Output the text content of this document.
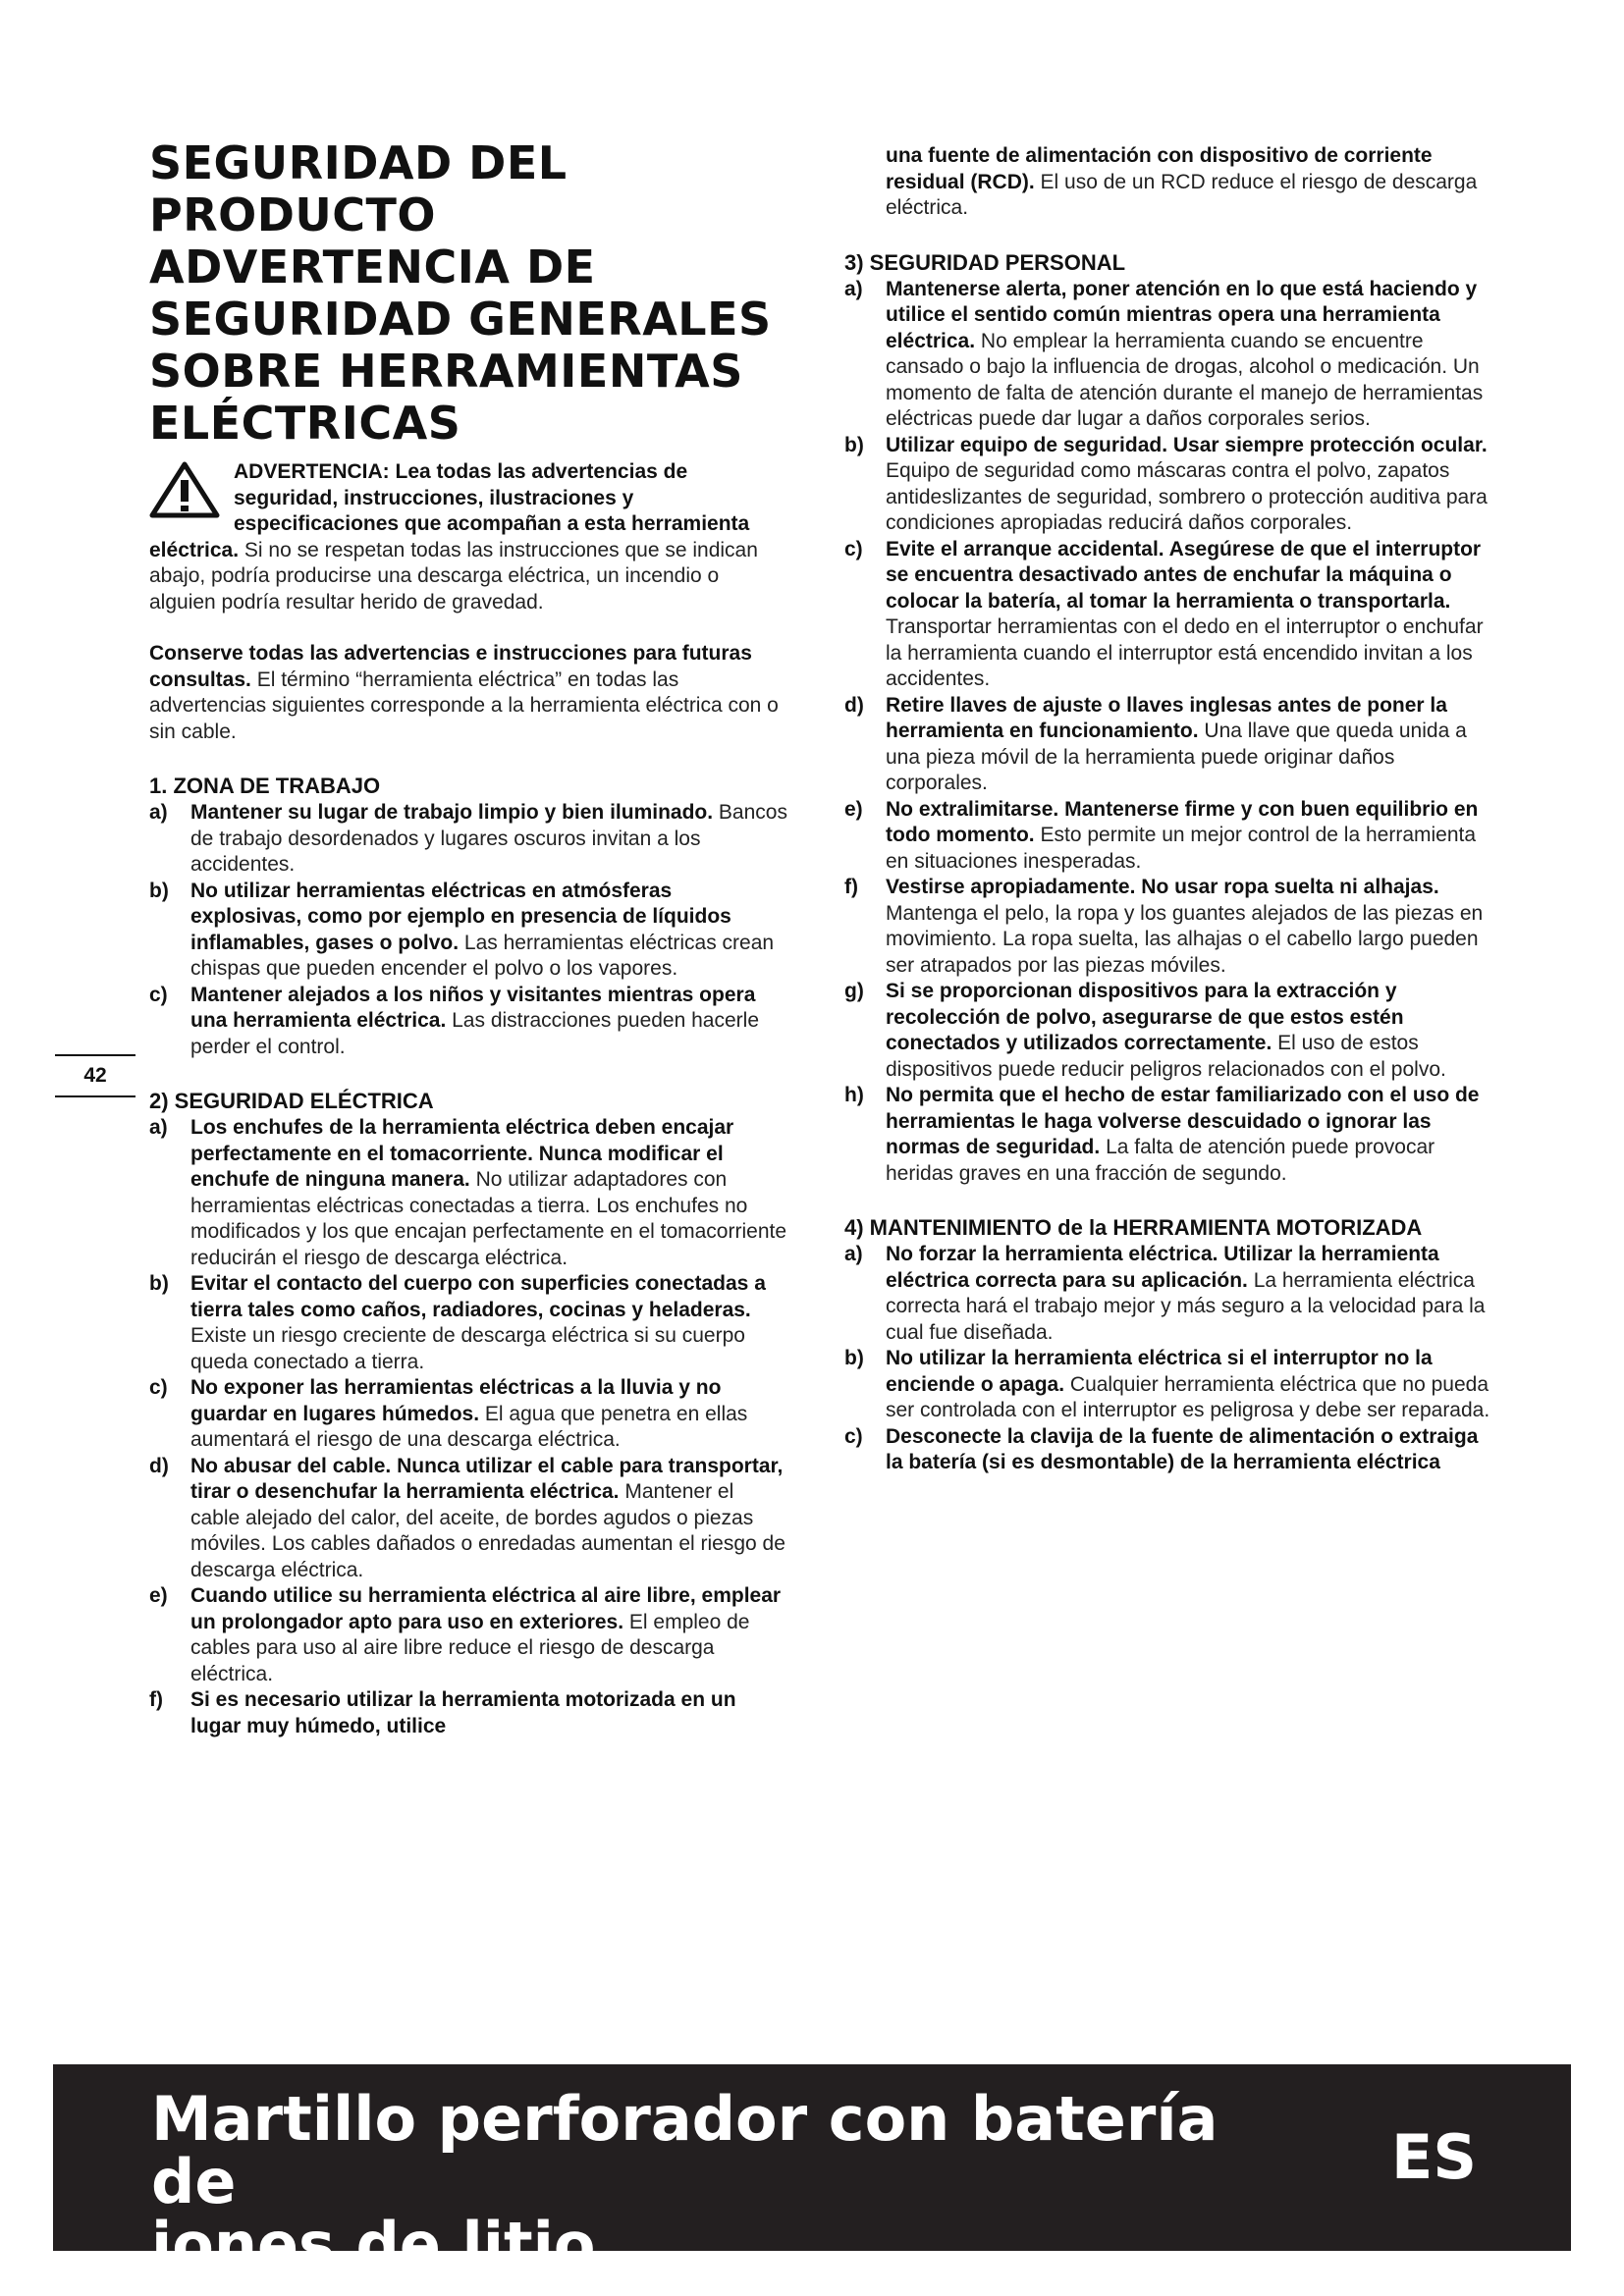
SEGURIDAD DEL PRODUCTO
ADVERTENCIA DE
SEGURIDAD GENERALES
SOBRE HERRAMIENTAS
ELÉCTRICAS

ADVERTENCIA: Lea todas las advertencias de seguridad, instrucciones, ilustraciones y especificaciones que acompañan a esta herramienta eléctrica. Si no se respetan todas las instrucciones que se indican abajo, podría producirse una descarga eléctrica, un incendio o alguien podría resultar herido de gravedad.

Conserve todas las advertencias e instrucciones para futuras consultas. El término “herramienta eléctrica” en todas las advertencias siguientes corresponde a la herramienta eléctrica con o sin cable.

1. ZONA DE TRABAJO
a)	Mantener su lugar de trabajo limpio y bien iluminado. Bancos de trabajo desordenados y lugares oscuros invitan a los accidentes.
b)	No utilizar herramientas eléctricas en atmósferas explosivas, como por ejemplo en presencia de líquidos inflamables, gases o polvo. Las herramientas eléctricas crean chispas que pueden encender el polvo o los vapores.
c)	Mantener alejados a los niños y visitantes mientras opera una herramienta eléctrica. Las distracciones pueden hacerle perder el control.
2) SEGURIDAD ELÉCTRICA
a)	Los enchufes de la herramienta eléctrica deben encajar perfectamente en el tomacorriente. Nunca modificar el enchufe de ninguna manera. No utilizar adaptadores con herramientas eléctricas conectadas a tierra. Los enchufes no modificados y los que encajan perfectamente en el tomacorriente reducirán el riesgo de descarga eléctrica.
b)	Evitar el contacto del cuerpo con superficies conectadas a tierra tales como caños, radiadores, cocinas y heladeras. Existe un riesgo creciente de descarga eléctrica si su cuerpo queda conectado a tierra.
c)	No exponer las herramientas eléctricas a la lluvia y no guardar en lugares húmedos. El agua que penetra en ellas aumentará el riesgo de una descarga eléctrica.
d)	No abusar del cable. Nunca utilizar el cable para transportar, tirar o desenchufar la herramienta eléctrica. Mantener el cable alejado del calor, del aceite, de bordes agudos o piezas móviles. Los cables dañados o enredadas aumentan el riesgo de descarga eléctrica.
e)	Cuando utilice su herramienta eléctrica al aire libre, emplear un prolongador apto para uso en exteriores. El empleo de cables para uso al aire libre reduce el riesgo de descarga eléctrica.
f)	Si es necesario utilizar la herramienta motorizada en un lugar muy húmedo, utilice
42

una fuente de alimentación con dispositivo de corriente residual (RCD). El uso de un RCD reduce el riesgo de descarga eléctrica.

3) SEGURIDAD PERSONAL
a)	Mantenerse alerta, poner atención en lo que está haciendo y utilice el sentido común mientras opera una herramienta eléctrica. No emplear la herramienta cuando se encuentre cansado o bajo la influencia de drogas, alcohol o medicación. Un momento de falta de atención durante el manejo de herramientas eléctricas puede dar lugar a daños corporales serios.
b)	Utilizar equipo de seguridad. Usar siempre protección ocular. Equipo de seguridad como máscaras contra el polvo, zapatos antideslizantes de seguridad, sombrero o protección auditiva para condiciones apropiadas reducirá daños corporales.
c)	Evite el arranque accidental. Asegúrese de que el interruptor se encuentra desactivado antes de enchufar la máquina o colocar la batería, al tomar la herramienta o transportarla. Transportar herramientas con el dedo en el interruptor o enchufar la herramienta cuando el interruptor está encendido invitan a los accidentes.
d)	Retire llaves de ajuste o llaves inglesas antes de poner la herramienta en funcionamiento. Una llave que queda unida a una pieza móvil de la herramienta puede originar daños corporales.
e)	No extralimitarse. Mantenerse firme y con buen equilibrio en todo momento. Esto permite un mejor control de la herramienta en situaciones inesperadas.
f)	Vestirse apropiadamente. No usar ropa suelta ni alhajas. Mantenga el pelo, la ropa y los guantes alejados de las piezas en movimiento. La ropa suelta, las alhajas o el cabello largo pueden ser atrapados por las piezas móviles.
g)	Si se proporcionan dispositivos para la extracción y recolección de polvo, asegurarse de que estos estén conectados y utilizados correctamente. El uso de estos dispositivos puede reducir peligros relacionados con el polvo.
h)	No permita que el hecho de estar familiarizado con el uso de herramientas le haga volverse descuidado o ignorar las normas de seguridad. La falta de atención puede provocar heridas graves en una fracción de segundo.
4) MANTENIMIENTO de la HERRAMIENTA MOTORIZADA
a)	No forzar la herramienta eléctrica. Utilizar la herramienta eléctrica correcta para su aplicación. La herramienta eléctrica correcta hará el trabajo mejor y más seguro a la velocidad para la cual fue diseñada.
b)	No utilizar la herramienta eléctrica si el interruptor no la enciende o apaga. Cualquier herramienta eléctrica que no pueda ser controlada con el interruptor es peligrosa y debe ser reparada.
c)	Desconecte la clavija de la fuente de alimentación o extraiga la batería (si es desmontable) de la herramienta eléctrica
Martillo perforador con batería de
iones de litio
ES
